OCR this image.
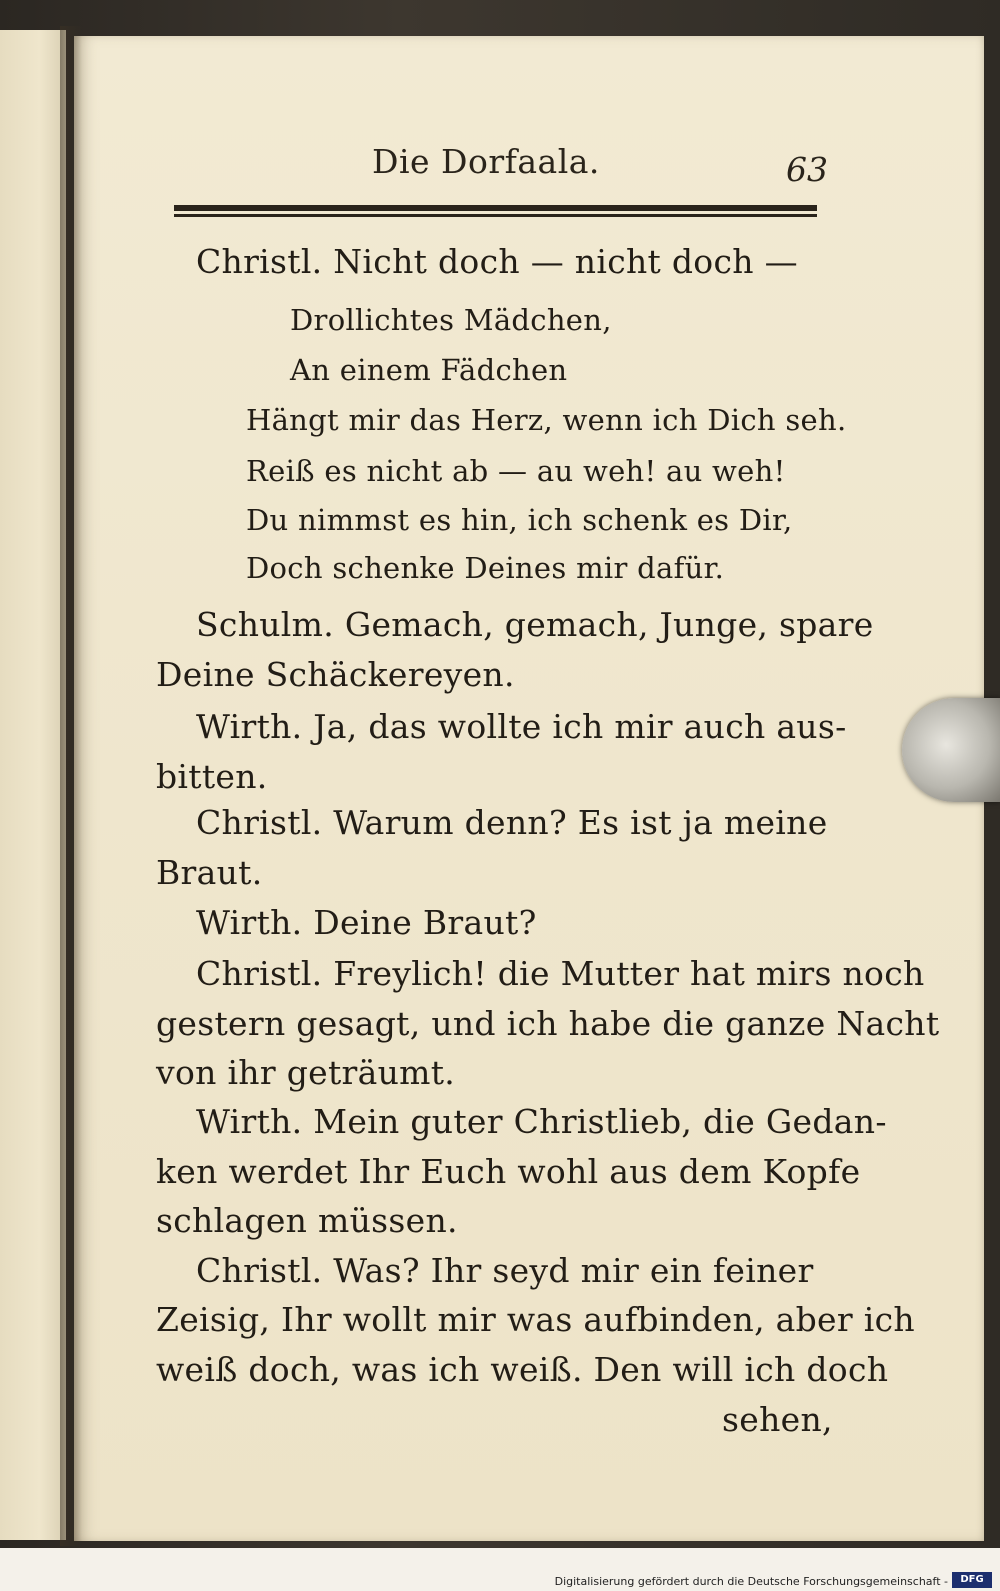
Die Dorfaala.	63
Christl. Nicht doch — nicht doch —
Drollichtes Mädchen,
An einem Fädchen
Hängt mir das Herz, wenn ich Dich seh.
Reiß es nicht ab — au weh! au weh!
Du nimmst es hin, ich schenk es Dir,
Doch schenke Deines mir dafür.
Schulm. Gemach, gemach, Junge, spare
Deine Schäckereyen.
Wirth. Ja, das wollte ich mir auch aus-
bitten.
Christl. Warum denn? Es ist ja meine
Braut.
Wirth. Deine Braut?
Christl. Freylich! die Mutter hat mirs noch
gestern gesagt, und ich habe die ganze Nacht
von ihr geträumt.
Wirth. Mein guter Christlieb, die Gedan-
ken werdet Ihr Euch wohl aus dem Kopfe
schlagen müssen.
Christl. Was? Ihr seyd mir ein feiner
Zeisig, Ihr wollt mir was aufbinden, aber ich
weiß doch, was ich weiß. Den will ich doch
sehen,
Digitalisierung gefördert durch die Deutsche Forschungsgemeinschaft -	DFG
